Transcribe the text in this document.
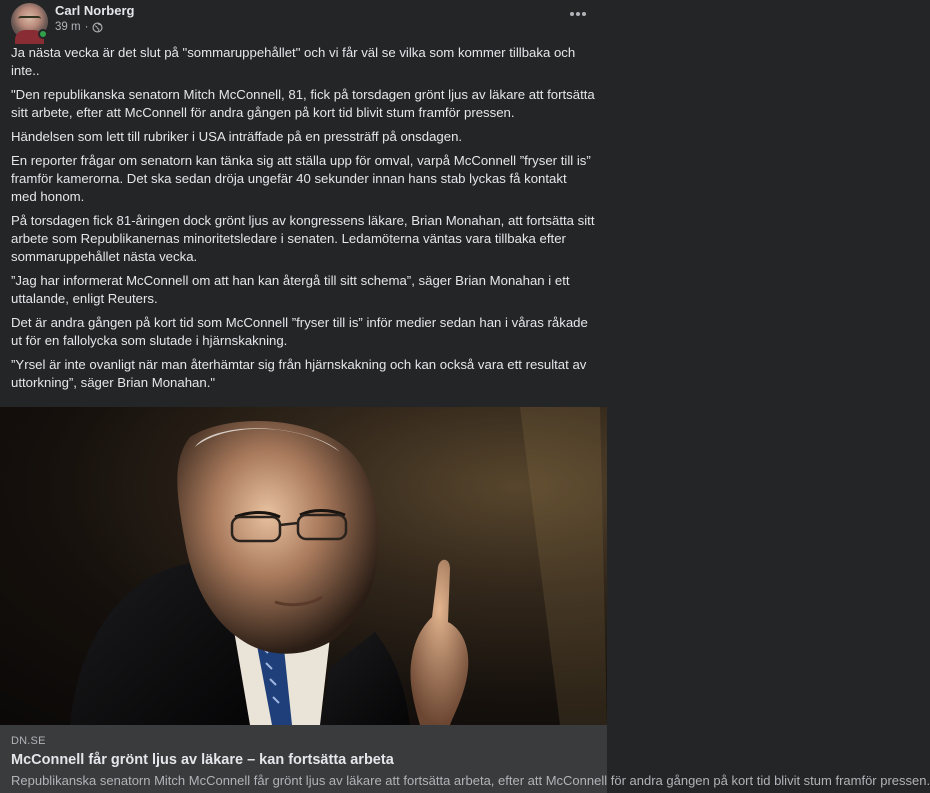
Carl Norberg
39 m ·

Ja nästa vecka är det slut på "sommaruppehållet" och vi får väl se vilka som kommer tillbaka och inte..

"Den republikanska senatorn Mitch McConnell, 81, fick på torsdagen grönt ljus av läkare att fortsätta sitt arbete, efter att McConnell för andra gången på kort tid blivit stum framför pressen.

Händelsen som lett till rubriker i USA inträffade på en pressträff på onsdagen.

En reporter frågar om senatorn kan tänka sig att ställa upp för omval, varpå McConnell ”fryser till is” framför kamerorna. Det ska sedan dröja ungefär 40 sekunder innan hans stab lyckas få kontakt med honom.

På torsdagen fick 81-åringen dock grönt ljus av kongressens läkare, Brian Monahan, att fortsätta sitt arbete som Republikanernas minoritetsledare i senaten. Ledamöterna väntas vara tillbaka efter sommaruppehållet nästa vecka.

”Jag har informerat McConnell om att han kan återgå till sitt schema”, säger Brian Monahan i ett uttalande, enligt Reuters.

Det är andra gången på kort tid som McConnell ”fryser till is” inför medier sedan han i våras råkade ut för en fallolycka som slutade i hjärnskakning.

”Yrsel är inte ovanligt när man återhämtar sig från hjärnskakning och kan också vara ett resultat av uttorkning”, säger Brian Monahan."

DN.SE
McConnell får grönt ljus av läkare – kan fortsätta arbeta
Republikanska senatorn Mitch McConnell får grönt ljus av läkare att fortsätta arbeta, efter att McConnell för andra gången på kort tid blivit stum framför pressen.
